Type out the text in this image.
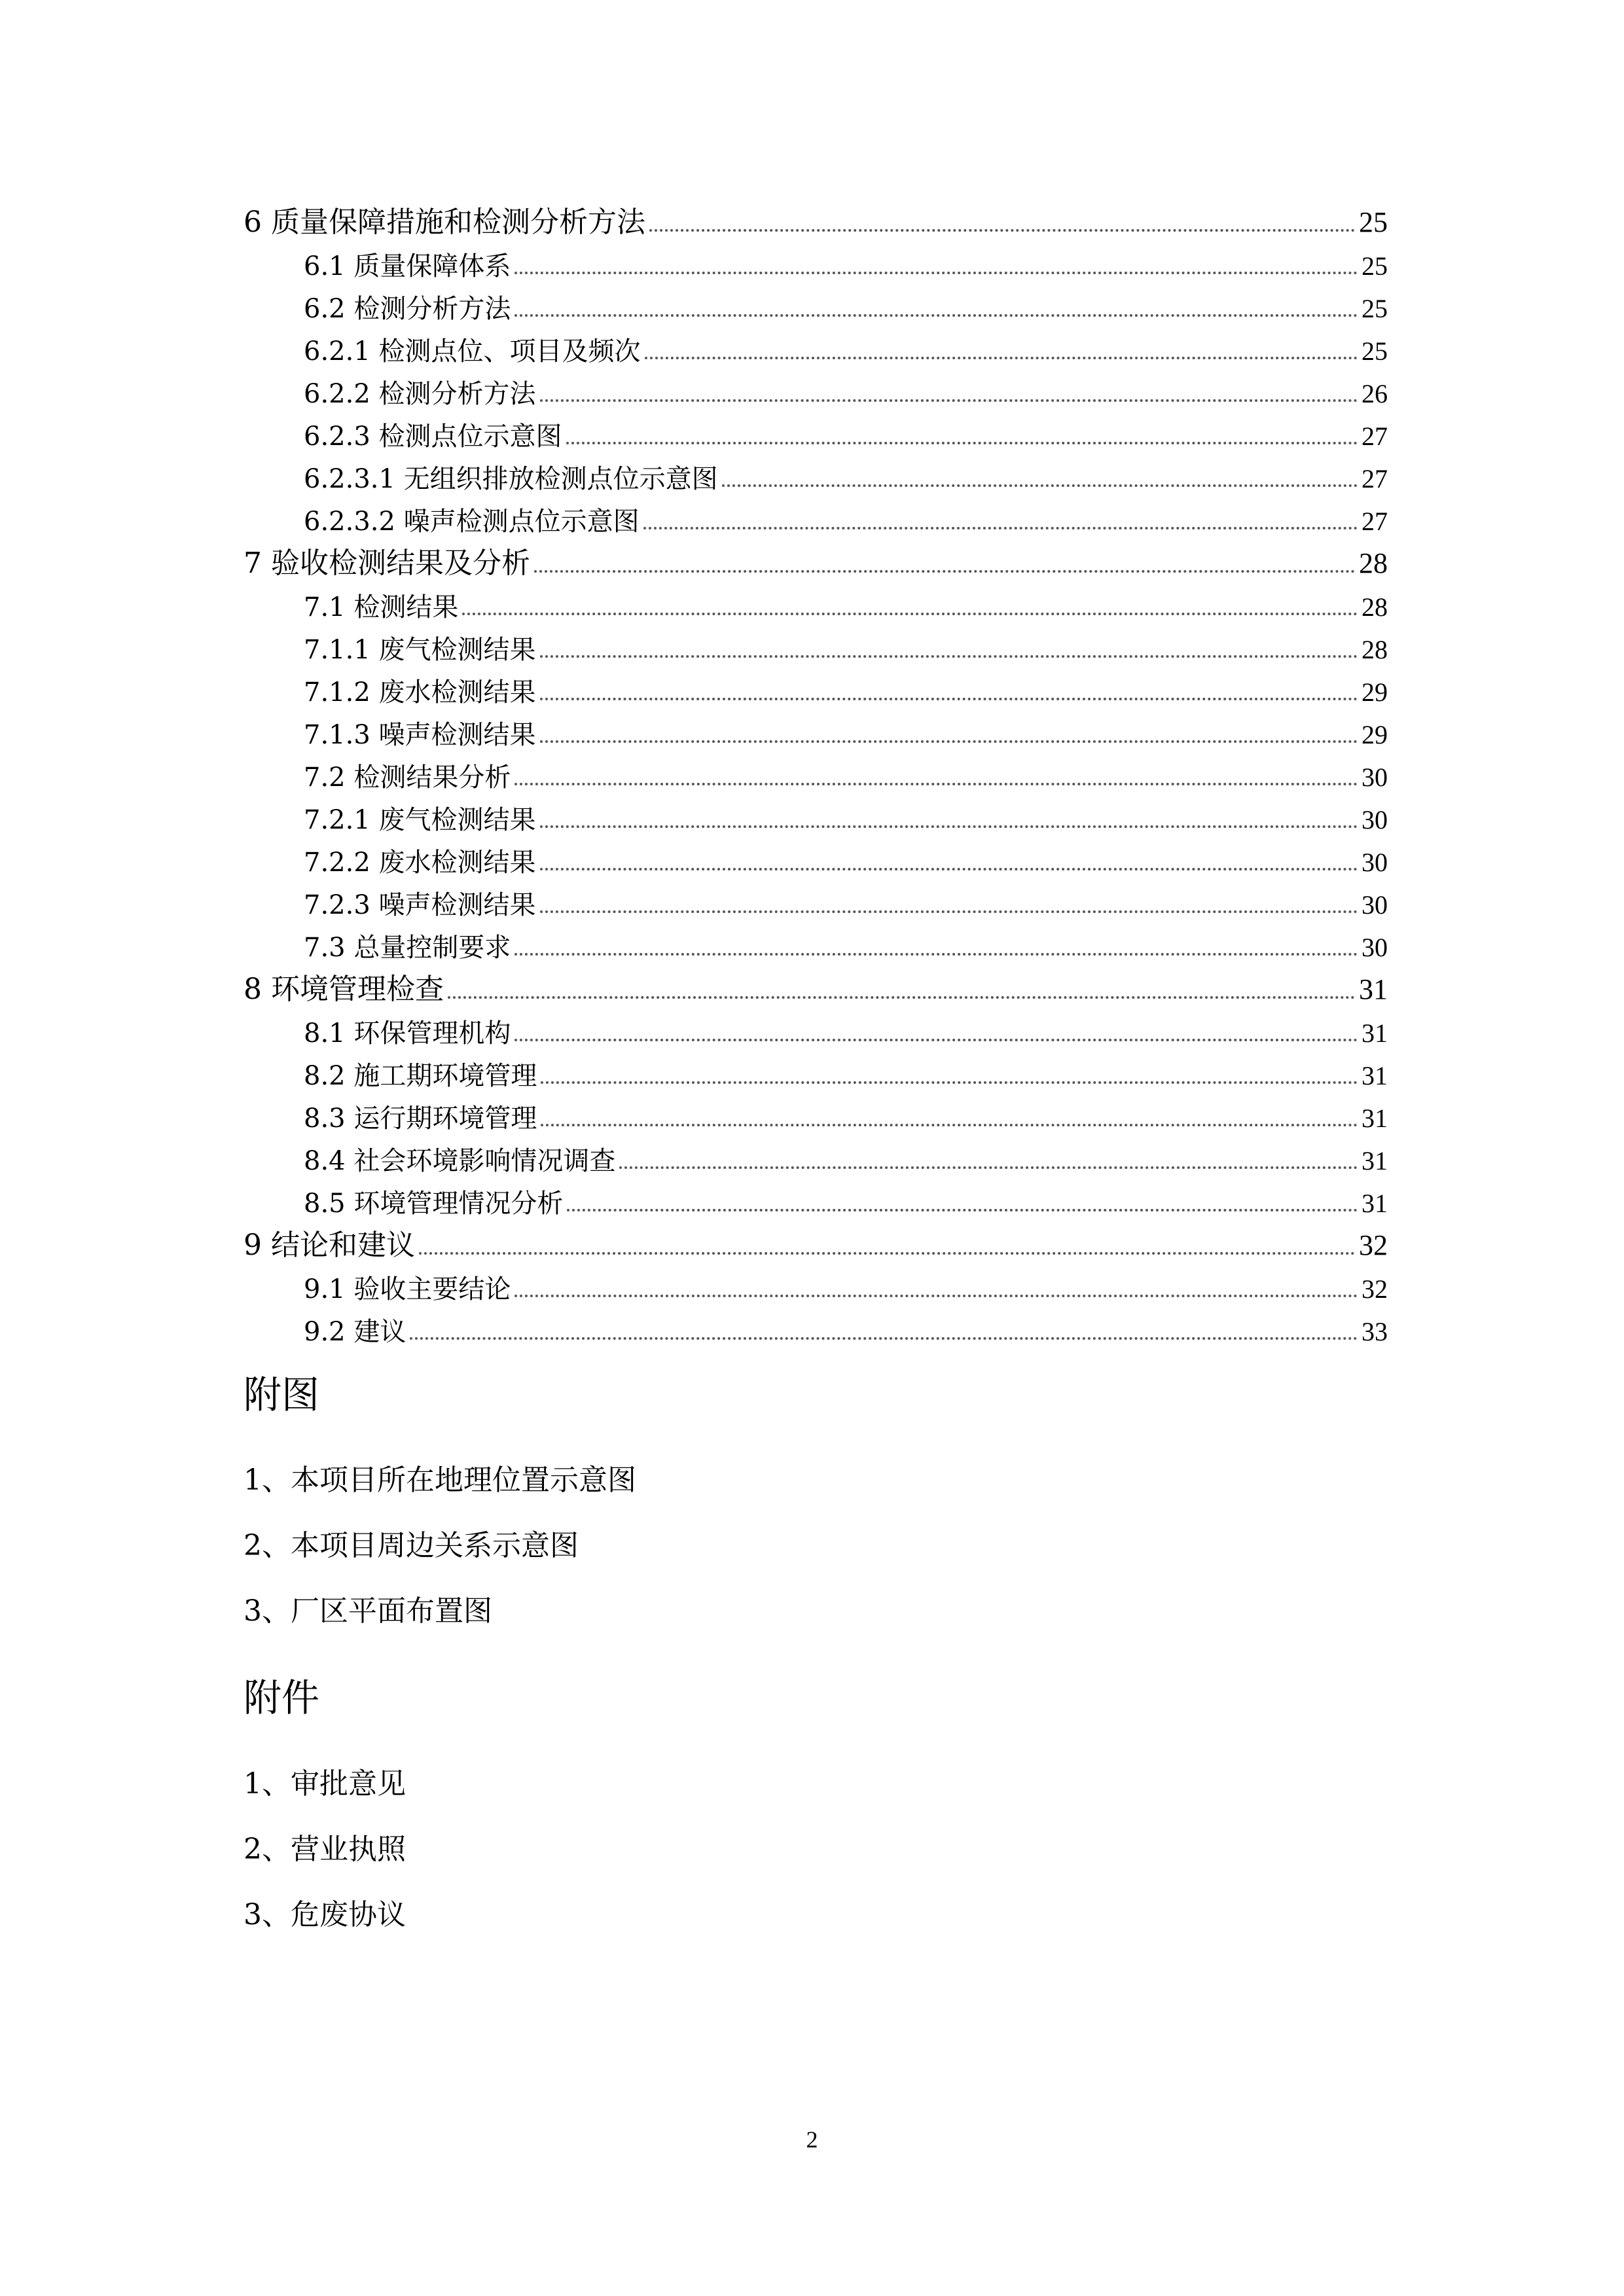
6 质量保障措施和检测分析方法	25
6.1 质量保障体系	25
6.2 检测分析方法	25
6.2.1 检测点位、项目及频次	25
6.2.2 检测分析方法	26
6.2.3 检测点位示意图	27
6.2.3.1 无组织排放检测点位示意图	27
6.2.3.2 噪声检测点位示意图	27
7 验收检测结果及分析	28
7.1 检测结果	28
7.1.1 废气检测结果	28
7.1.2 废水检测结果	29
7.1.3 噪声检测结果	29
7.2 检测结果分析	30
7.2.1 废气检测结果	30
7.2.2 废水检测结果	30
7.2.3 噪声检测结果	30
7.3 总量控制要求	30
8 环境管理检查	31
8.1 环保管理机构	31
8.2 施工期环境管理	31
8.3 运行期环境管理	31
8.4 社会环境影响情况调查	31
8.5 环境管理情况分析	31
9 结论和建议	32
9.1 验收主要结论	32
9.2 建议	33
附图
1、本项目所在地理位置示意图
2、本项目周边关系示意图
3、厂区平面布置图
附件
1、审批意见
2、营业执照
3、危废协议
2
